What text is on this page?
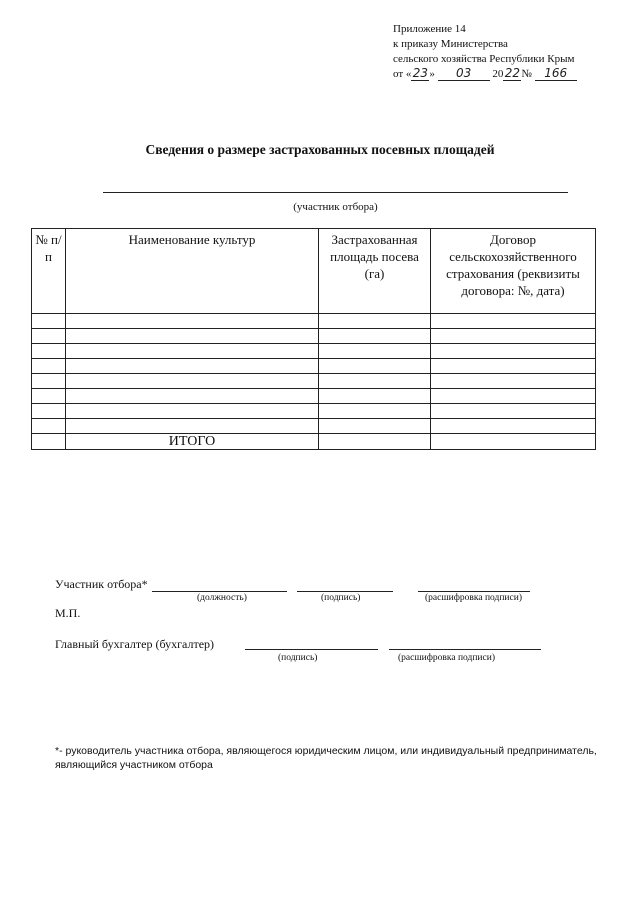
Приложение 14
к приказу Министерства
сельского хозяйства Республики Крым
от «23» 03 2022№ 166
Сведения о размере застрахованных посевных площадей
(участник отбора)
№ п/п	Наименование культур	Застрахованная площадь посева (га)	Договор сельскохозяйственного страхования (реквизиты договора: №, дата)

	ИТОГО		
Участник отбора*
(должность)	(подпись)	(расшифровка подписи)
М.П.
Главный бухгалтер (бухгалтер)
(подпись)	(расшифровка подписи)
*- руководитель участника отбора, являющегося юридическим лицом, или индивидуальный предприниматель, являющийся участником отбора
